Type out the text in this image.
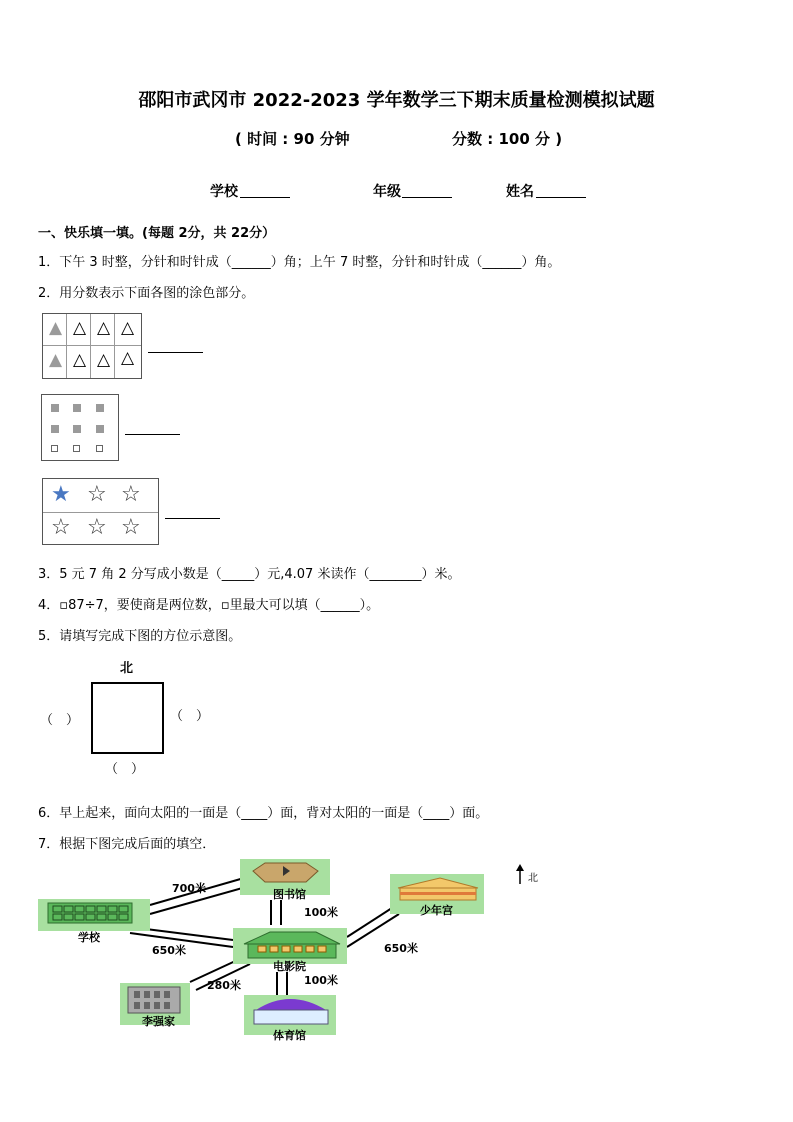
邵阳市武冈市 2022-2023 学年数学三下期末质量检测模拟试题
( 时间 : 90 分钟	分数 : 100 分 )
学校	年级	姓名
一、快乐填一填。(每题 2分，共 22分）
1．下午 3 时整，分针和时针成（______）角；上午 7 时整，分针和时针成（______）角。
2．用分数表示下面各图的涂色部分。
▲ △ △ △
▲ △ △ △
★ ☆ ☆
☆ ☆ ☆
3．5 元 7 角 2 分写成小数是（_____）元,4.07 米读作（________）米。
4．▫87÷7，要使商是两位数，▫里最大可以填（______）。
5．请填写完成下图的方位示意图。
北
（　）	（　）
（　）
6．早上起来，面向太阳的一面是（____）面，背对太阳的一面是（____）面。
7．根据下图完成后面的填空．
图书馆
学校
电影院
少年宫
李强家
体育馆
700米
100米
650米	650米
280米	100米
北
